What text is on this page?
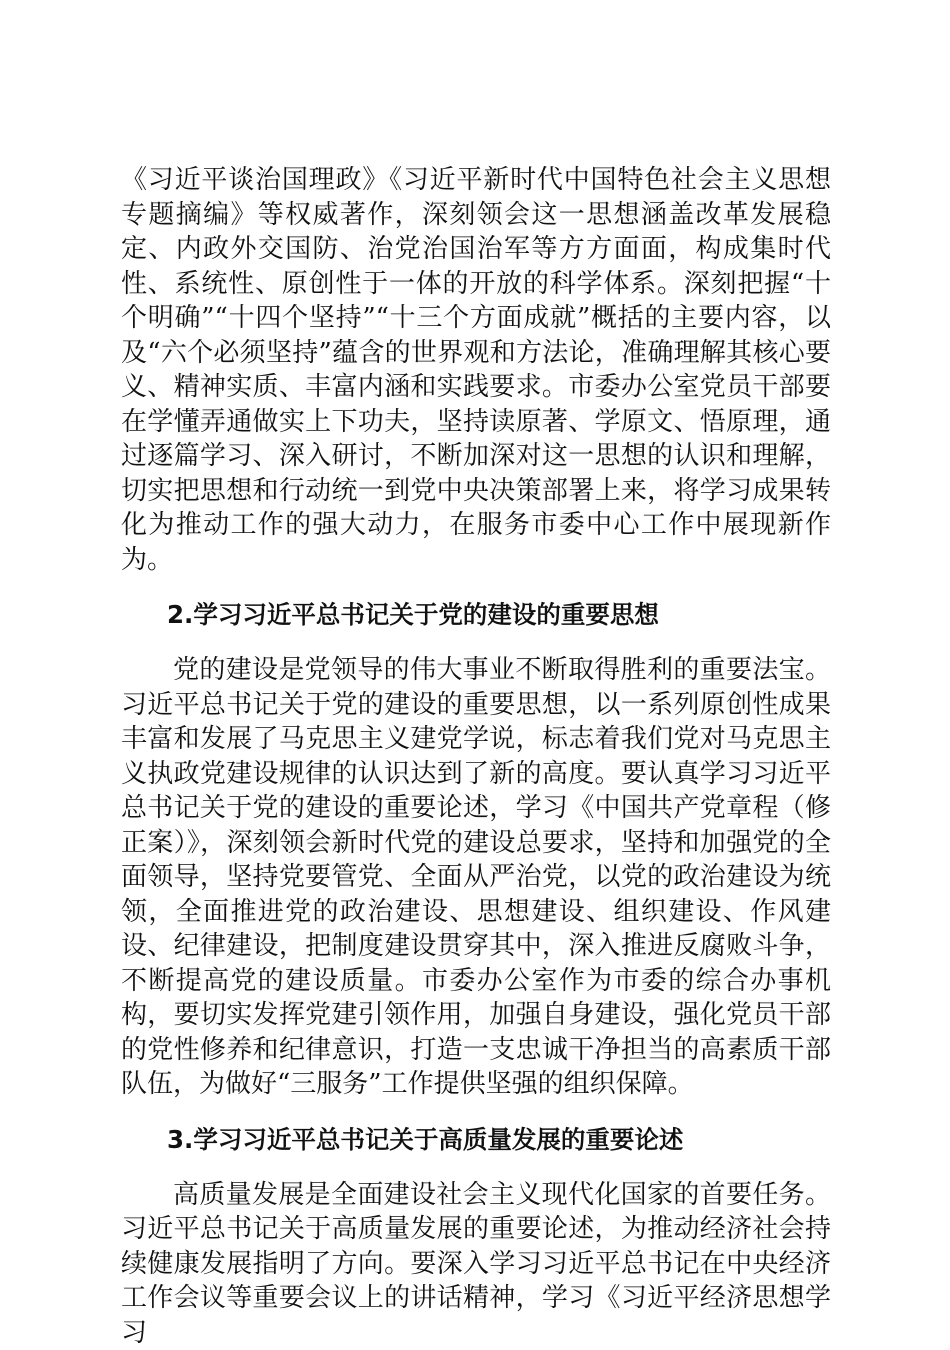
《习近平谈治国理政》《习近平新时代中国特色社会主义思想专题摘编》等权威著作，深刻领会这一思想涵盖改革发展稳定、内政外交国防、治党治国治军等方方面面，构成集时代性、系统性、原创性于一体的开放的科学体系。深刻把握“十个明确”“十四个坚持”“十三个方面成就”概括的主要内容，以及“六个必须坚持”蕴含的世界观和方法论，准确理解其核心要义、精神实质、丰富内涵和实践要求。市委办公室党员干部要在学懂弄通做实上下功夫，坚持读原著、学原文、悟原理，通过逐篇学习、深入研讨，不断加深对这一思想的认识和理解，切实把思想和行动统一到党中央决策部署上来，将学习成果转化为推动工作的强大动力，在服务市委中心工作中展现新作为。

2.学习习近平总书记关于党的建设的重要思想

党的建设是党领导的伟大事业不断取得胜利的重要法宝。习近平总书记关于党的建设的重要思想，以一系列原创性成果丰富和发展了马克思主义建党学说，标志着我们党对马克思主义执政党建设规律的认识达到了新的高度。要认真学习习近平总书记关于党的建设的重要论述，学习《中国共产党章程（修正案）》，深刻领会新时代党的建设总要求，坚持和加强党的全面领导，坚持党要管党、全面从严治党，以党的政治建设为统领，全面推进党的政治建设、思想建设、组织建设、作风建设、纪律建设，把制度建设贯穿其中，深入推进反腐败斗争，不断提高党的建设质量。市委办公室作为市委的综合办事机构，要切实发挥党建引领作用，加强自身建设，强化党员干部的党性修养和纪律意识，打造一支忠诚干净担当的高素质干部队伍，为做好“三服务”工作提供坚强的组织保障。

3.学习习近平总书记关于高质量发展的重要论述

高质量发展是全面建设社会主义现代化国家的首要任务。习近平总书记关于高质量发展的重要论述，为推动经济社会持续健康发展指明了方向。要深入学习习近平总书记在中央经济工作会议等重要会议上的讲话精神，学习《习近平经济思想学习
